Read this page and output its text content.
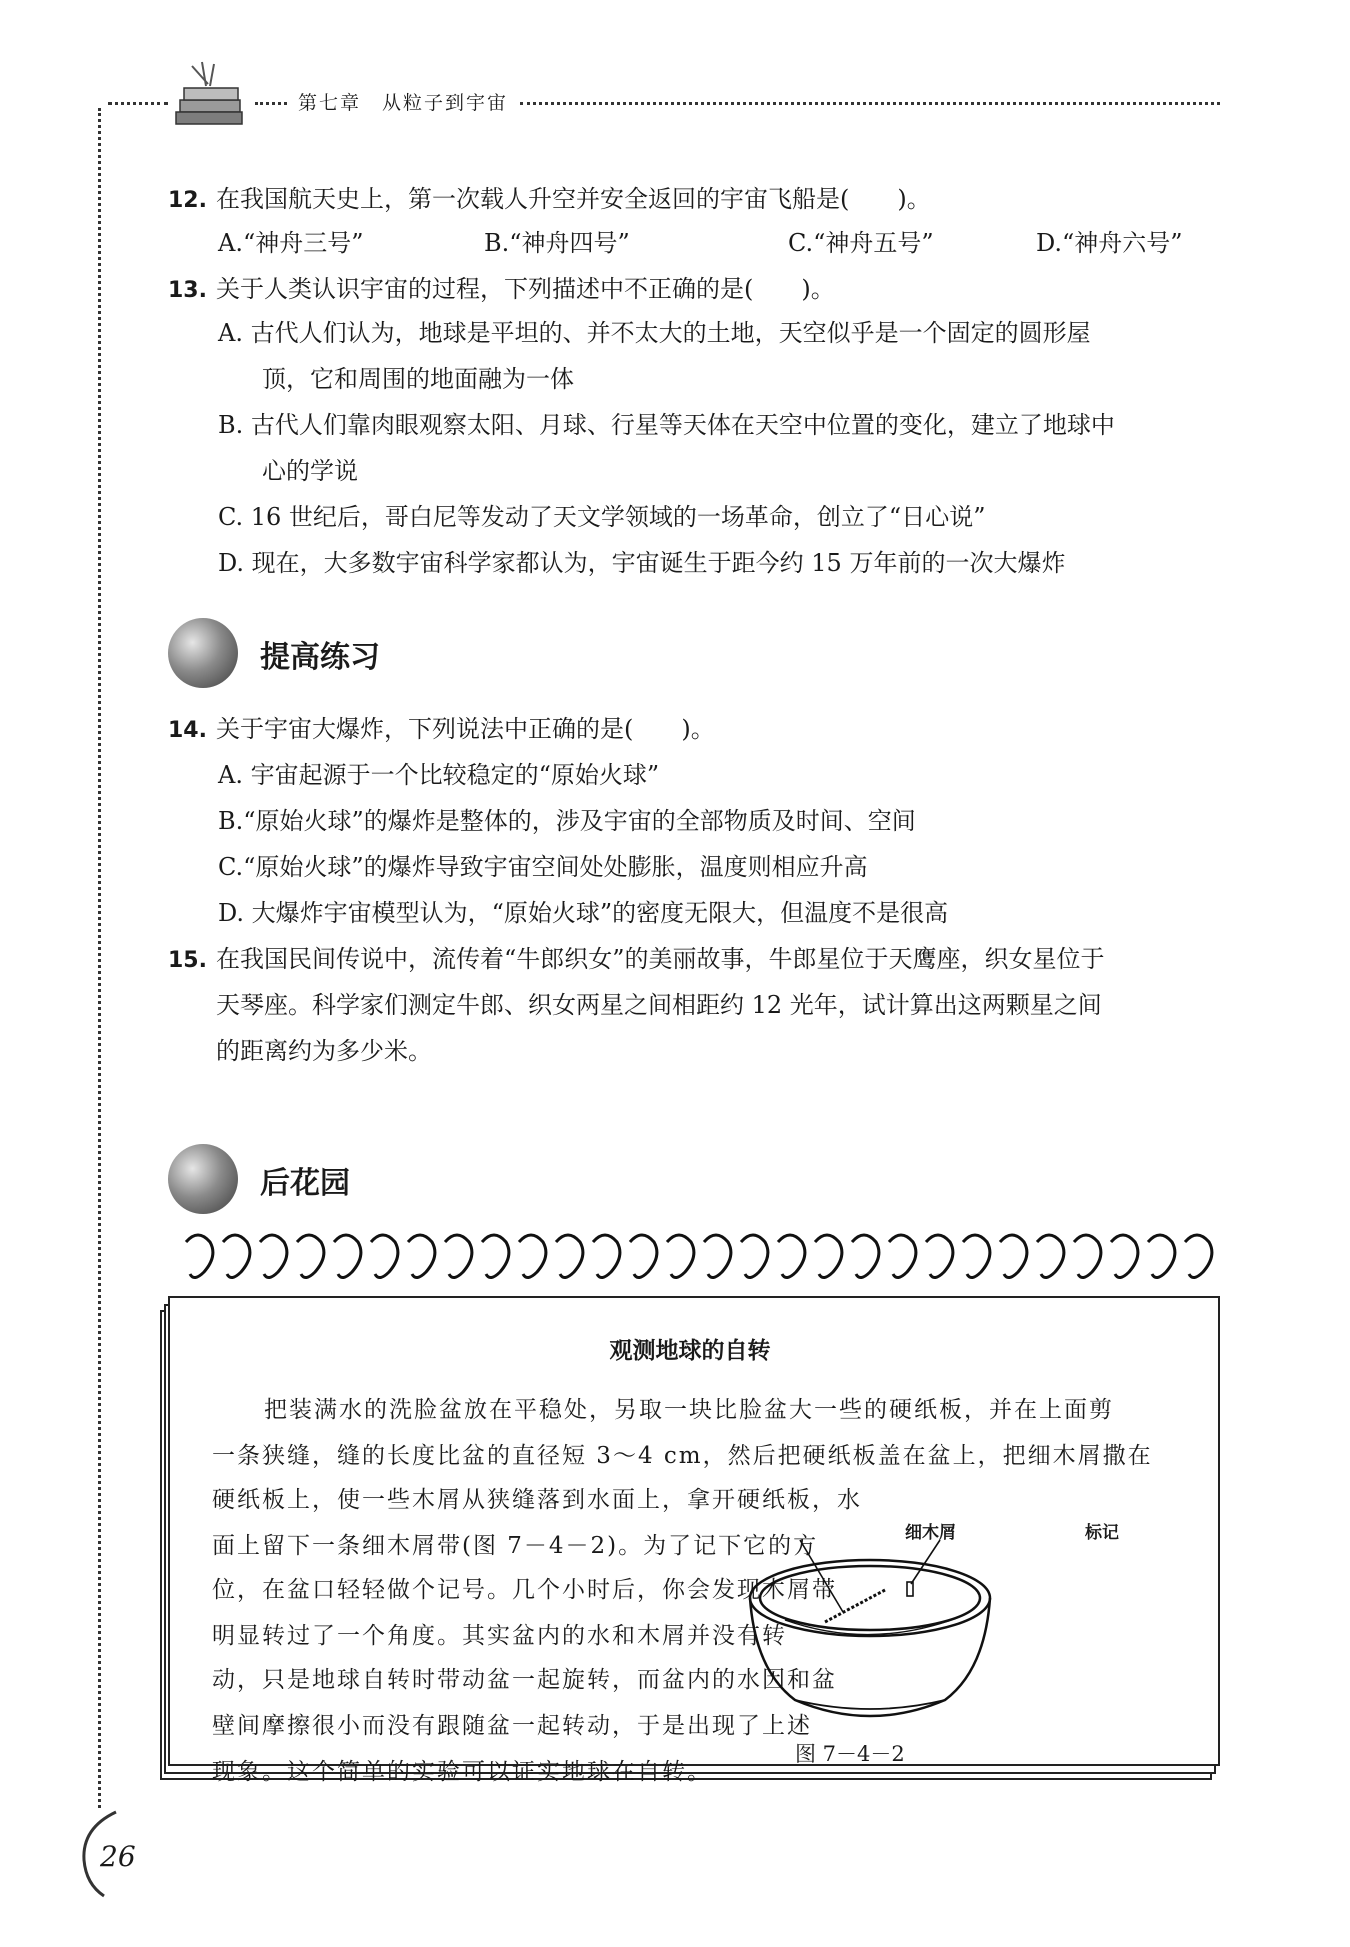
第七章　从粒子到宇宙
12. 在我国航天史上，第一次载人升空并安全返回的宇宙飞船是(　　)。
A.“神舟三号”	B.“神舟四号”	C.“神舟五号”	D.“神舟六号”
13. 关于人类认识宇宙的过程，下列描述中不正确的是(　　)。
A. 古代人们认为，地球是平坦的、并不太大的土地，天空似乎是一个固定的圆形屋
顶，它和周围的地面融为一体
B. 古代人们靠肉眼观察太阳、月球、行星等天体在天空中位置的变化，建立了地球中
心的学说
C. 16 世纪后，哥白尼等发动了天文学领域的一场革命，创立了“日心说”
D. 现在，大多数宇宙科学家都认为，宇宙诞生于距今约 15 万年前的一次大爆炸
提高练习
14. 关于宇宙大爆炸，下列说法中正确的是(　　)。
A. 宇宙起源于一个比较稳定的“原始火球”
B.“原始火球”的爆炸是整体的，涉及宇宙的全部物质及时间、空间
C.“原始火球”的爆炸导致宇宙空间处处膨胀，温度则相应升高
D. 大爆炸宇宙模型认为，“原始火球”的密度无限大，但温度不是很高
15. 在我国民间传说中，流传着“牛郎织女”的美丽故事，牛郎星位于天鹰座，织女星位于
天琴座。科学家们测定牛郎、织女两星之间相距约 12 光年，试计算出这两颗星之间
的距离约为多少米。
后花园
观测地球的自转
把装满水的洗脸盆放在平稳处，另取一块比脸盆大一些的硬纸板，并在上面剪
一条狭缝，缝的长度比盆的直径短 3～4 cm，然后把硬纸板盖在盆上，把细木屑撒在
硬纸板上，使一些木屑从狭缝落到水面上，拿开硬纸板，水
面上留下一条细木屑带(图 7－4－2)。为了记下它的方
位，在盆口轻轻做个记号。几个小时后，你会发现木屑带
明显转过了一个角度。其实盆内的水和木屑并没有转
动，只是地球自转时带动盆一起旋转，而盆内的水因和盆
壁间摩擦很小而没有跟随盆一起转动，于是出现了上述
现象。这个简单的实验可以证实地球在自转。
细木屑	标记
图 7－4－2
26
